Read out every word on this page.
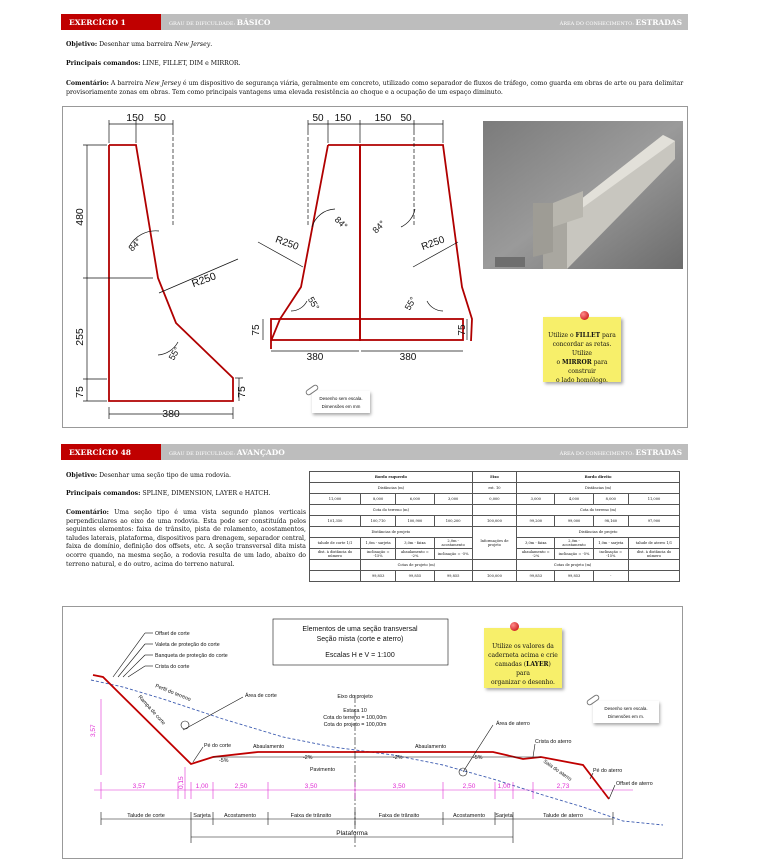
EXERCÍCIO 1	GRAU DE DIFICULDADE: BÁSICO	ÁREA DO CONHECIMENTO: ESTRADAS
Objetivo: Desenhar uma barreira New Jersey.
Principais comandos: LINE, FILLET, DIM e MIRROR.
Comentário: A barreira New Jersey é um dispositivo de segurança viária, geralmente em concreto, utilizado como separador de fluxos de tráfego, como guarda em obras de arte ou para delimitar provisoriamente zonas em obras. Tem como principais vantagens uma elevada resistência ao choque e a ocupação de um espaço diminuto.
150 50
480
84°
R250
255
55°
75
380
75
50 150 150 50
84° 84°
R250	R250
55°	55°
75	75
380	380
Utilize o FILLET para
concordar as retas. Utilize
o MIRROR para construir
o lado homólogo.
Desenho sem escala.
Dimensões em mm
EXERCÍCIO 48	GRAU DE DIFICULDADE: AVANÇADO	ÁREA DO CONHECIMENTO: ESTRADAS
Objetivo: Desenhar uma seção tipo de uma rodovia.
Principais comandos: SPLINE, DIMENSION, LAYER e HATCH.
Comentário: Uma seção tipo é uma vista segundo planos verticais perpendiculares ao eixo de uma rodovia. Esta pode ser constituída pelos seguintes elementos: faixa de trânsito, pista de rolamento, acostamentos, taludes laterais, plataforma, dispositivos para drenagem, separador central, faixa de domínio, definição dos offsets, etc. A seção transversal dita mista ocorre quando, na mesma seção, a rodovia resulta de um lado, abaixo do terreno natural, e do outro, acima do terreno natural.
Bordo esquerdo				Eixo	Bordo direito			
Distâncias (m)				est. 10	Distâncias (m)			
11,000	8,000	6,000	3,000	0,000	3,000	4,000	8,000	11,000
Cota do terreno (m)					Cota do terreno (m)			
101,350	100,710	100,900	100,200	100,000	99,200	99,000	98,160	97,900
Distâncias de projeto				Informações de projeto	Distâncias de projeto			
talude de corte 1/1	1,0m - sarjeta	3,0m - faixa	2,0m - acostamento		3,0m - faixa	2,0m - acostamento	1,0m - sarjeta	talude de aterro 1/1
dist. à distância do número	inclinação = -15%	abaulamento = -2%	inclinação = -5%		abaulamento = -2%	inclinação = -5%	inclinação = -15%	dist. à distância do número
	Cotas de projeto (m)				Cotas de projeto (m)			
	99,853	99,855	99,855	100,000	99,853	99,853	-	
Elementos de uma seção transversal
Seção mista (corte e aterro)
Escalas H e V = 1:100
Offset de corte
Valeta de proteção do corte
Banqueta de proteção do corte
Crista do corte
Perfil do terreno	Área de corte	Eixo do projeto
Estaca 10
Cota do terreno = 100,00m
Cota do projeto = 100,00m
Pé do corte	Abaulamento	Abaulamento
Pavimento
Área de aterro
Crista do aterro
Pé do aterro
Offset de aterro
Saia do aterro
Rampa de corte
-5%	-2%	-2%	-5%
3,57
3,57	0,15 1,00	2,50	3,50	3,50	2,50	1,00	2,73
Talude de corte	Sarjeta Acostamento	Faixa de trânsito	Faixa de trânsito	Acostamento Sarjeta	Talude de aterro
Plataforma
Utilize os valores da
caderneta acima e crie
camadas (LAYER) para
organizar o desenho.
Desenho sem escala.
Dimensões em m.
